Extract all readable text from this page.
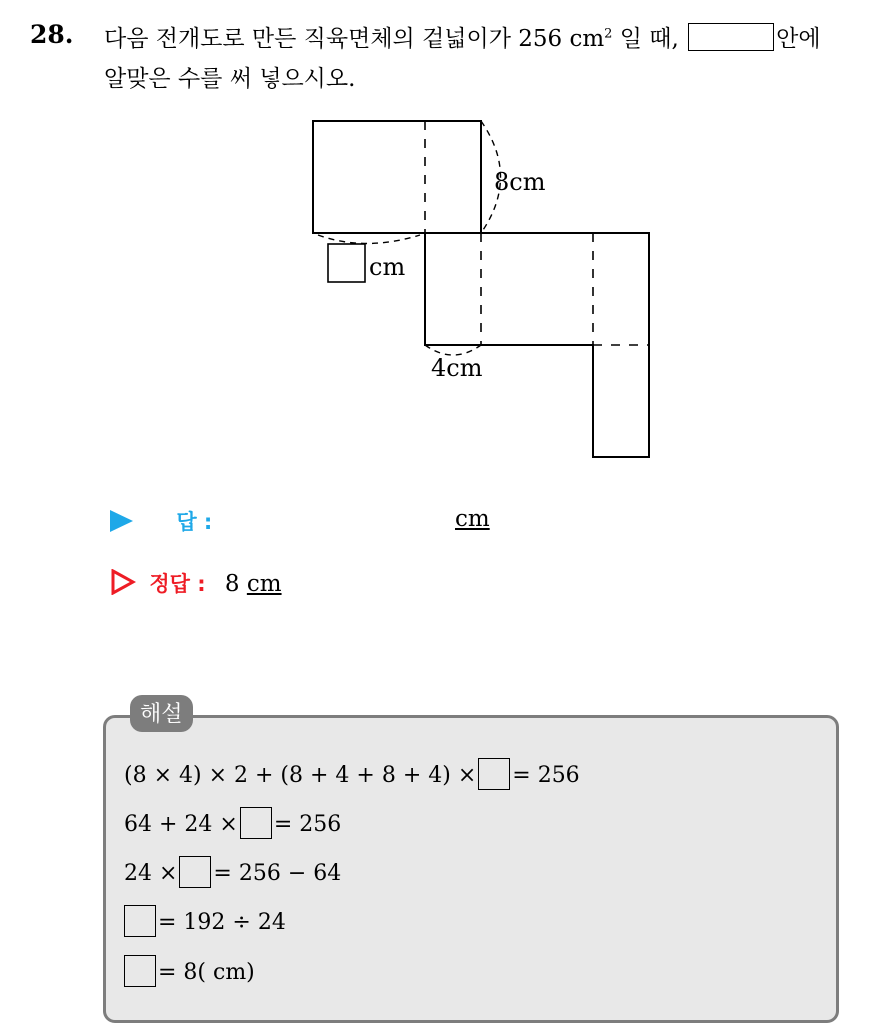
28. 다음 전개도로 만든 직육면체의 겉넓이가 256 $cm^2$ 일 때,	안에
알맞은 수를 써 넣으시오.
8cm
cm
4cm
답 :	cm
정답 : 8 cm
해설
(8 × 4) × 2 + (8 + 4 + 8 + 4) × = 256
64 + 24 × = 256
24 × = 256 − 64
= 192 ÷ 24
= 8( cm)
